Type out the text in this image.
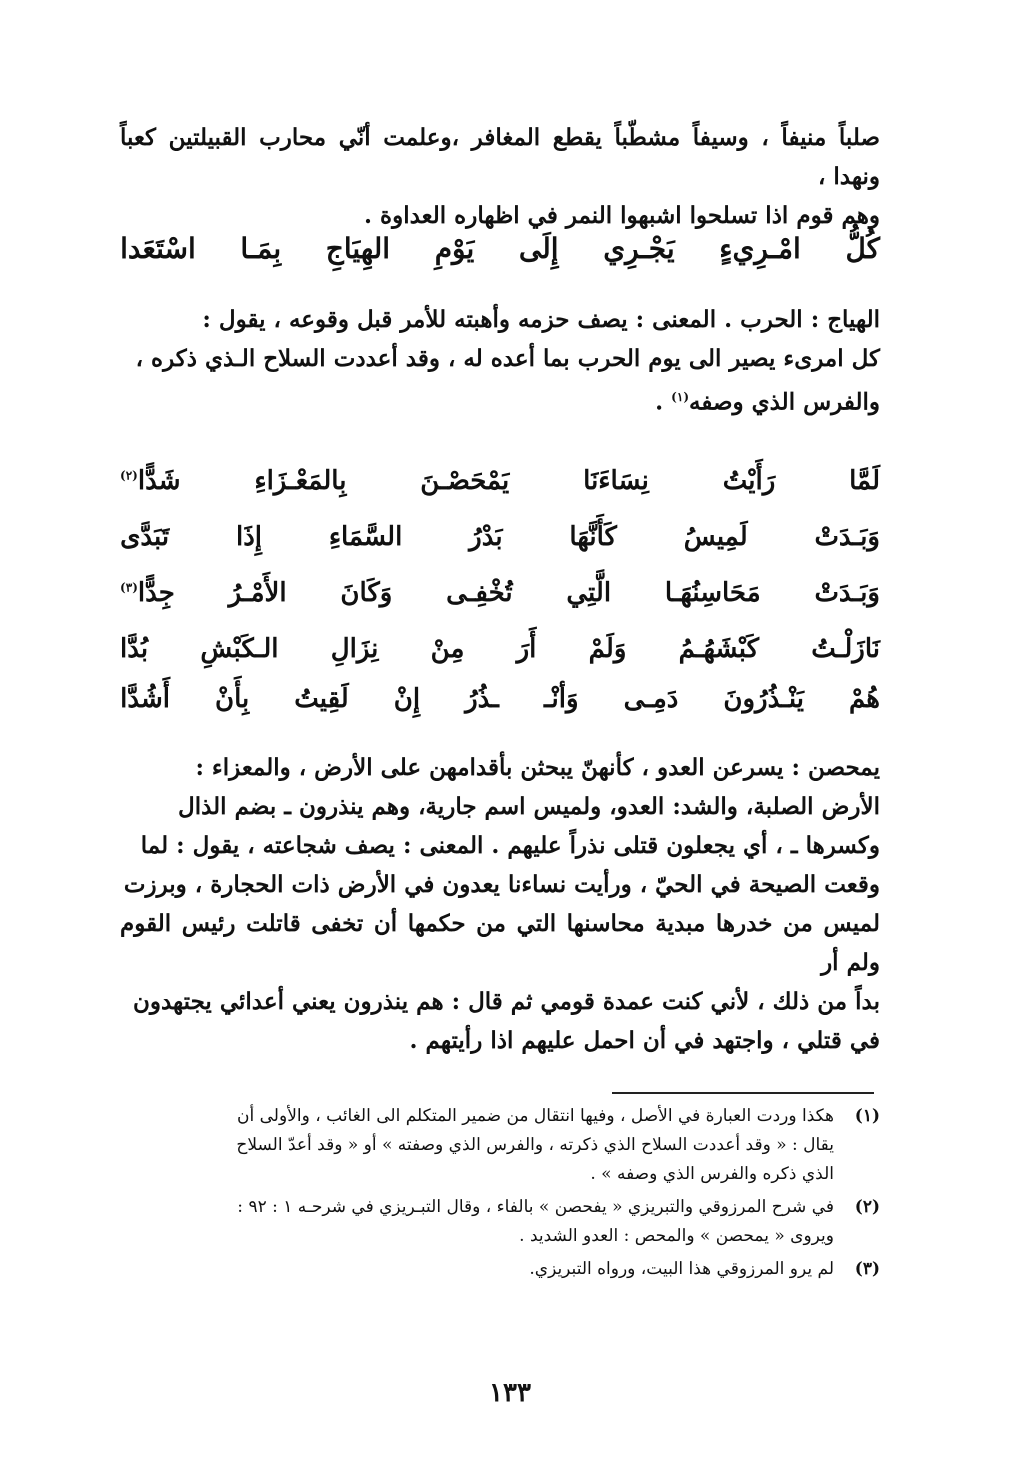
صلباً منيفاً ، وسيفاً مشطّباً يقطع المغافر ،وعلمت أنّي محارب القبيلتين كعباً ونهدا ،

وهم قوم اذا تسلحوا اشبهوا النمر في اظهاره العداوة .

كُلُّ
امْـرِيءٍ
يَجْـرِي
إِلَى
يَوْمِ
الهِيَاجِ
بِمَـا
اسْتَعَدا

الهياج : الحرب . المعنى : يصف حزمه وأهبته للأمر قبل وقوعه ، يقول :

كل امرىء يصير الى يوم الحرب بما أعده له ، وقد أعددت السلاح الـذي ذكره ،

والفرس الذي وصفه$^{(١)}$ .

لَمَّا
رَأَيْتُ
نِسَاءَنَا
يَمْحَصْـنَ
بِالمَعْـزَاءِ
شَدًّا$^{(٢)}$
وَبَـدَتْ
لَمِيسُ
كَأَنَّهَا
بَدْرُ
السَّمَاءِ
إِذَا
تَبَدَّى
وَبَـدَتْ
مَحَاسِنُهَـا
الَّتِي
تُخْفِـى
وَكَانَ
الأَمْـرُ
جِدًّا$^{(٣)}$
نَازَلْـتُ
كَبْشَهُـمُ
وَلَمْ
أَرَ
مِنْ
نِزَالِ
الـكَبْشِ
بُدَّا
هُمْ
يَنْـذُرُونَ
دَمِـى
وَأنْـ
ـذُرُ
إِنْ
لَقِيتُ
بِأَنْ
أَشُدَّا

يمحصن : يسرعن العدو ، كأنهنّ يبحثن بأقدامهن على الأرض ، والمعزاء :

الأرض الصلبة، والشد: العدو، ولميس اسم جارية، وهم ينذرون ـ بضم الذال

وكسرها ـ ، أي يجعلون قتلى نذراً عليهم . المعنى : يصف شجاعته ، يقول : لما

وقعت الصيحة في الحيّ ، ورأيت نساءنا يعدون في الأرض ذات الحجارة ، وبرزت

لميس من خدرها مبدية محاسنها التي من حكمها أن تخفى قاتلت رئيس القوم ولم أر

بداً من ذلك ، لأني كنت عمدة قومي ثم قال : هم ينذرون يعني أعدائي يجتهدون

في قتلي ، واجتهد في أن احمل عليهم اذا رأيتهم .

(١)
هكذا وردت العبارة في الأصل ، وفيها انتقال من ضمير المتكلم الى الغائب ، والأولى أن
يقال : « وقد أعددت السلاح الذي ذكرته ، والفرس الذي وصفته » أو « وقد أعدّ السلاح
الذي ذكره والفرس الذي وصفه » .
(٢)
في شرح المرزوقي والتبريزي « يفحصن » بالفاء ، وقال التبـريزي في شرحـه ١ : ٩٢ :
ويروى « يمحصن » والمحص : العدو الشديد .
(٣)
لم يرو المرزوقي هذا البيت، ورواه التبريزي.
١٣٣
